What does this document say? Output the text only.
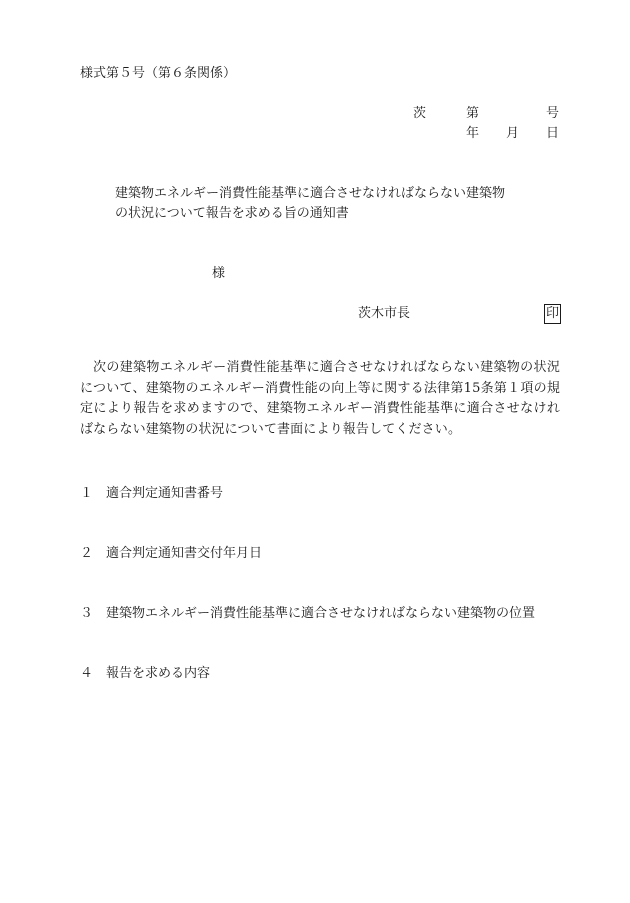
様式第５号（第６条関係）
茨	第	号
年 月 日
建築物エネルギー消費性能基準に適合させなければならない建築物
の状況について報告を求める旨の通知書
様
茨木市長	印
次の建築物エネルギー消費性能基準に適合させなければならない建築物の状況について、建築物のエネルギー消費性能の向上等に関する法律第15条第１項の規定により報告を求めますので、建築物エネルギー消費性能基準に適合させなければならない建築物の状況について書面により報告してください。
１ 適合判定通知書番号
２ 適合判定通知書交付年月日
３ 建築物エネルギー消費性能基準に適合させなければならない建築物の位置
４ 報告を求める内容
